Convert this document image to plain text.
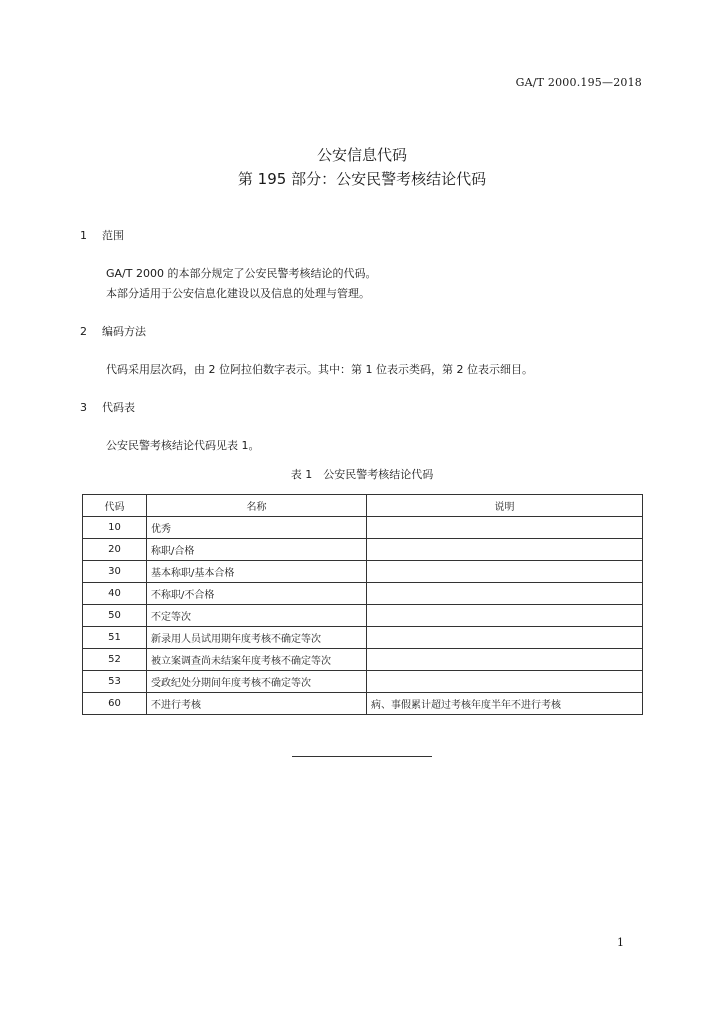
GA/T 2000.195—2018
公安信息代码
第 195 部分：公安民警考核结论代码
1 范围
GA/T 2000 的本部分规定了公安民警考核结论的代码。
本部分适用于公安信息化建设以及信息的处理与管理。
2 编码方法
代码采用层次码，由 2 位阿拉伯数字表示。其中：第 1 位表示类码，第 2 位表示细目。
3 代码表
公安民警考核结论代码见表 1。
表 1　公安民警考核结论代码
代码	名称	说明
10	优秀	
20	称职/合格	
30	基本称职/基本合格	
40	不称职/不合格	
50	不定等次	
51	新录用人员试用期年度考核不确定等次	
52	被立案调查尚未结案年度考核不确定等次	
53	受政纪处分期间年度考核不确定等次	
60	不进行考核	病、事假累计超过考核年度半年不进行考核
1
